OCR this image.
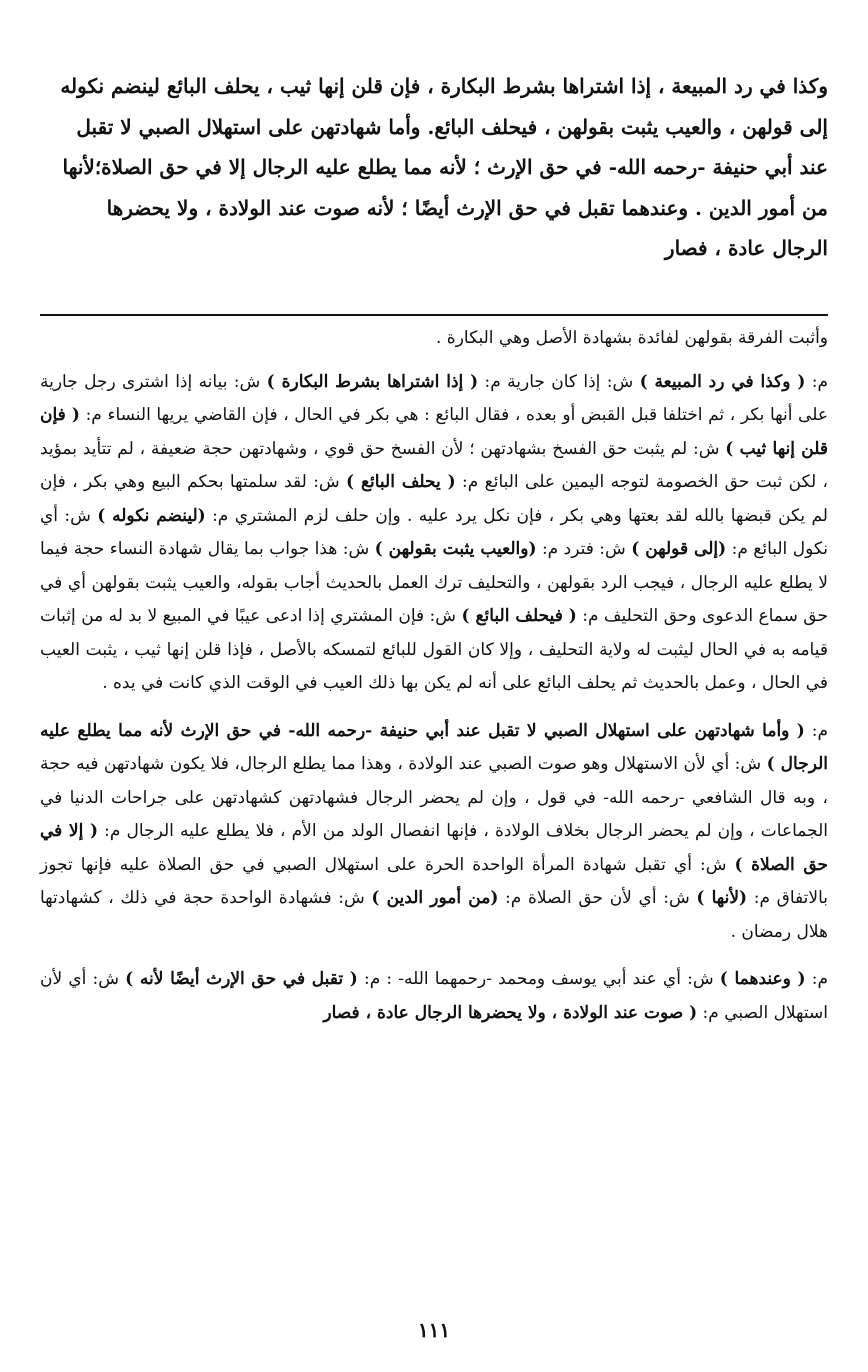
وكذا في رد المبيعة ، إذا اشتراها بشرط البكارة ، فإن قلن إنها ثيب ، يحلف البائع لينضم نكوله
إلى قولهن ، والعيب يثبت بقولهن ، فيحلف البائع. وأما شهادتهن على استهلال الصبي لا تقبل
عند أبي حنيفة -رحمه الله- في حق الإرث ؛ لأنه مما يطلع عليه الرجال إلا في حق الصلاة؛لأنها
من أمور الدين . وعندهما تقبل في حق الإرث أيضًا ؛ لأنه صوت عند الولادة ، ولا يحضرها
الرجال عادة ، فصار

وأثبت الفرقة بقولهن لفائدة بشهادة الأصل وهي البكارة .

م: ( وكذا في رد المبيعة ) ش: إذا كان جارية م: ( إذا اشتراها بشرط البكارة ) ش: بيانه إذا اشترى رجل جارية على أنها بكر ، ثم اختلفا قبل القبض أو بعده ، فقال البائع : هي بكر في الحال ، فإن القاضي يريها النساء م: ( فإن قلن إنها ثيب ) ش: لم يثبت حق الفسخ بشهادتهن ؛ لأن الفسخ حق قوي ، وشهادتهن حجة ضعيفة ، لم تتأيد بمؤيد ، لكن ثبت حق الخصومة لتوجه اليمين على البائع م: ( يحلف البائع ) ش: لقد سلمتها بحكم البيع وهي بكر ، فإن لم يكن قبضها بالله لقد بعتها وهي بكر ، فإن نكل يرد عليه . وإن حلف لزم المشتري م: (لينضم نكوله ) ش: أي نكول البائع م: (إلى قولهن ) ش: فترد م: (والعيب يثبت بقولهن ) ش: هذا جواب بما يقال شهادة النساء حجة فيما لا يطلع عليه الرجال ، فيجب الرد بقولهن ، والتحليف ترك العمل بالحديث أجاب بقوله، والعيب يثبت بقولهن أي في حق سماع الدعوى وحق التحليف م: ( فيحلف البائع ) ش: فإن المشتري إذا ادعى عيبًا في المبيع لا بد له من إثبات قيامه به في الحال ليثبت له ولاية التحليف ، وإلا كان القول للبائع لتمسكه بالأصل ، فإذا قلن إنها ثيب ، يثبت العيب في الحال ، وعمل بالحديث ثم يحلف البائع على أنه لم يكن بها ذلك العيب في الوقت الذي كانت في يده .

م: ( وأما شهادتهن على استهلال الصبي لا تقبل عند أبي حنيفة -رحمه الله- في حق الإرث لأنه مما يطلع عليه الرجال ) ش: أي لأن الاستهلال وهو صوت الصبي عند الولادة ، وهذا مما يطلع الرجال، فلا يكون شهادتهن فيه حجة ، وبه قال الشافعي -رحمه الله- في قول ، وإن لم يحضر الرجال فشهادتهن كشهادتهن على جراحات الدنيا في الجماعات ، وإن لم يحضر الرجال بخلاف الولادة ، فإنها انفصال الولد من الأم ، فلا يطلع عليه الرجال م: ( إلا في حق الصلاة ) ش: أي تقبل شهادة المرأة الواحدة الحرة على استهلال الصبي في حق الصلاة عليه فإنها تجوز بالاتفاق م: (لأنها ) ش: أي لأن حق الصلاة م: (من أمور الدين ) ش: فشهادة الواحدة حجة في ذلك ، كشهادتها هلال رمضان .

م: ( وعندهما ) ش: أي عند أبي يوسف ومحمد -رحمهما الله- : م: ( تقبل في حق الإرث أيضًا لأنه ) ش: أي لأن استهلال الصبي م: ( صوت عند الولادة ، ولا يحضرها الرجال عادة ، فصار

١١١
